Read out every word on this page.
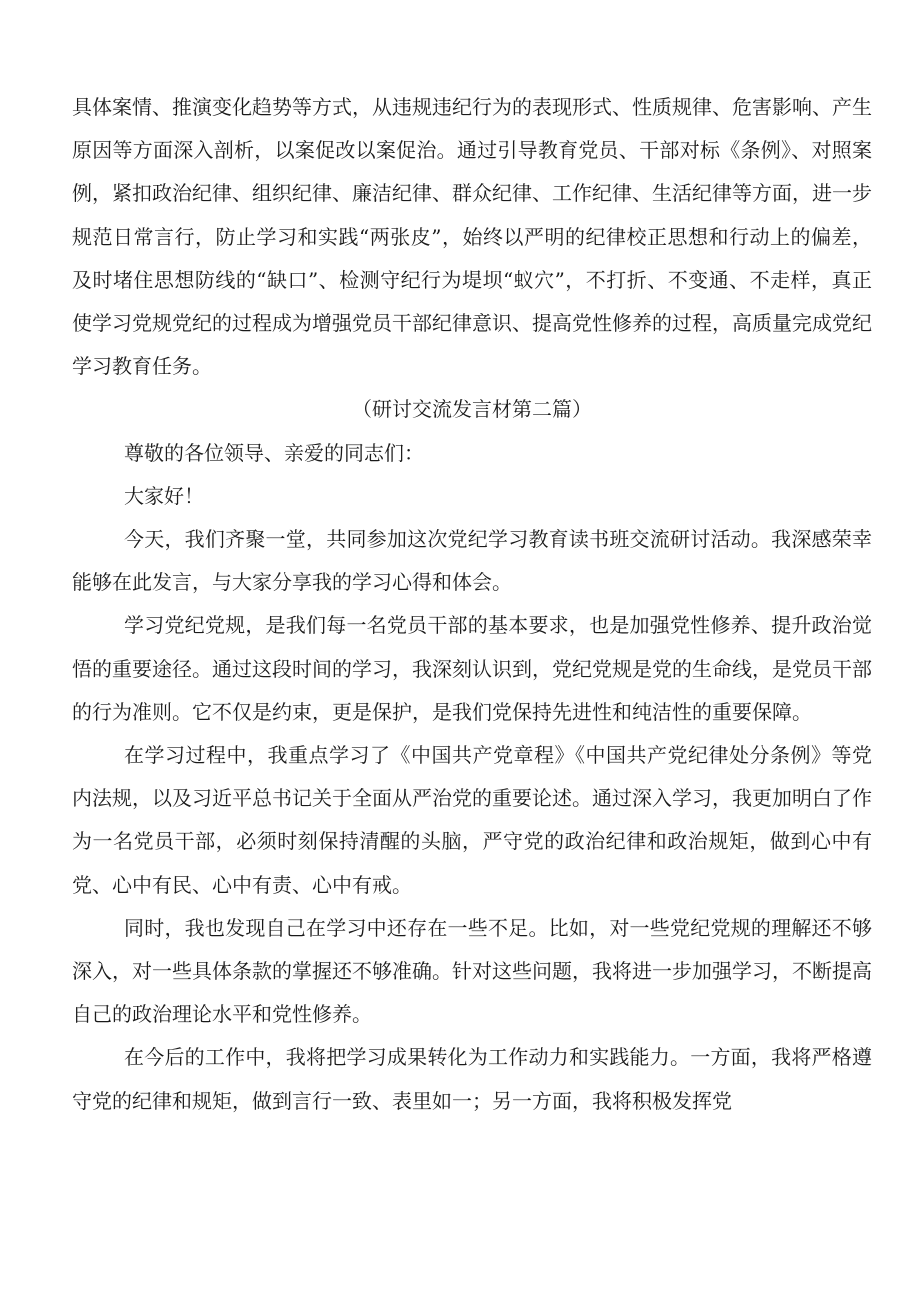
具体案情、推演变化趋势等方式，从违规违纪行为的表现形式、性质规律、危害影响、产生原因等方面深入剖析，以案促改以案促治。通过引导教育党员、干部对标《条例》、对照案例，紧扣政治纪律、组织纪律、廉洁纪律、群众纪律、工作纪律、生活纪律等方面，进一步规范日常言行，防止学习和实践“两张皮”，始终以严明的纪律校正思想和行动上的偏差，及时堵住思想防线的“缺口”、检测守纪行为堤坝“蚁穴”，不打折、不变通、不走样，真正使学习党规党纪的过程成为增强党员干部纪律意识、提高党性修养的过程，高质量完成党纪学习教育任务。

（研讨交流发言材第二篇）

尊敬的各位领导、亲爱的同志们：

大家好！

今天，我们齐聚一堂，共同参加这次党纪学习教育读书班交流研讨活动。我深感荣幸能够在此发言，与大家分享我的学习心得和体会。

学习党纪党规，是我们每一名党员干部的基本要求，也是加强党性修养、提升政治觉悟的重要途径。通过这段时间的学习，我深刻认识到，党纪党规是党的生命线，是党员干部的行为准则。它不仅是约束，更是保护，是我们党保持先进性和纯洁性的重要保障。

在学习过程中，我重点学习了《中国共产党章程》《中国共产党纪律处分条例》等党内法规，以及习近平总书记关于全面从严治党的重要论述。通过深入学习，我更加明白了作为一名党员干部，必须时刻保持清醒的头脑，严守党的政治纪律和政治规矩，做到心中有党、心中有民、心中有责、心中有戒。

同时，我也发现自己在学习中还存在一些不足。比如，对一些党纪党规的理解还不够深入，对一些具体条款的掌握还不够准确。针对这些问题，我将进一步加强学习，不断提高自己的政治理论水平和党性修养。

在今后的工作中，我将把学习成果转化为工作动力和实践能力。一方面，我将严格遵守党的纪律和规矩，做到言行一致、表里如一；另一方面，我将积极发挥党
